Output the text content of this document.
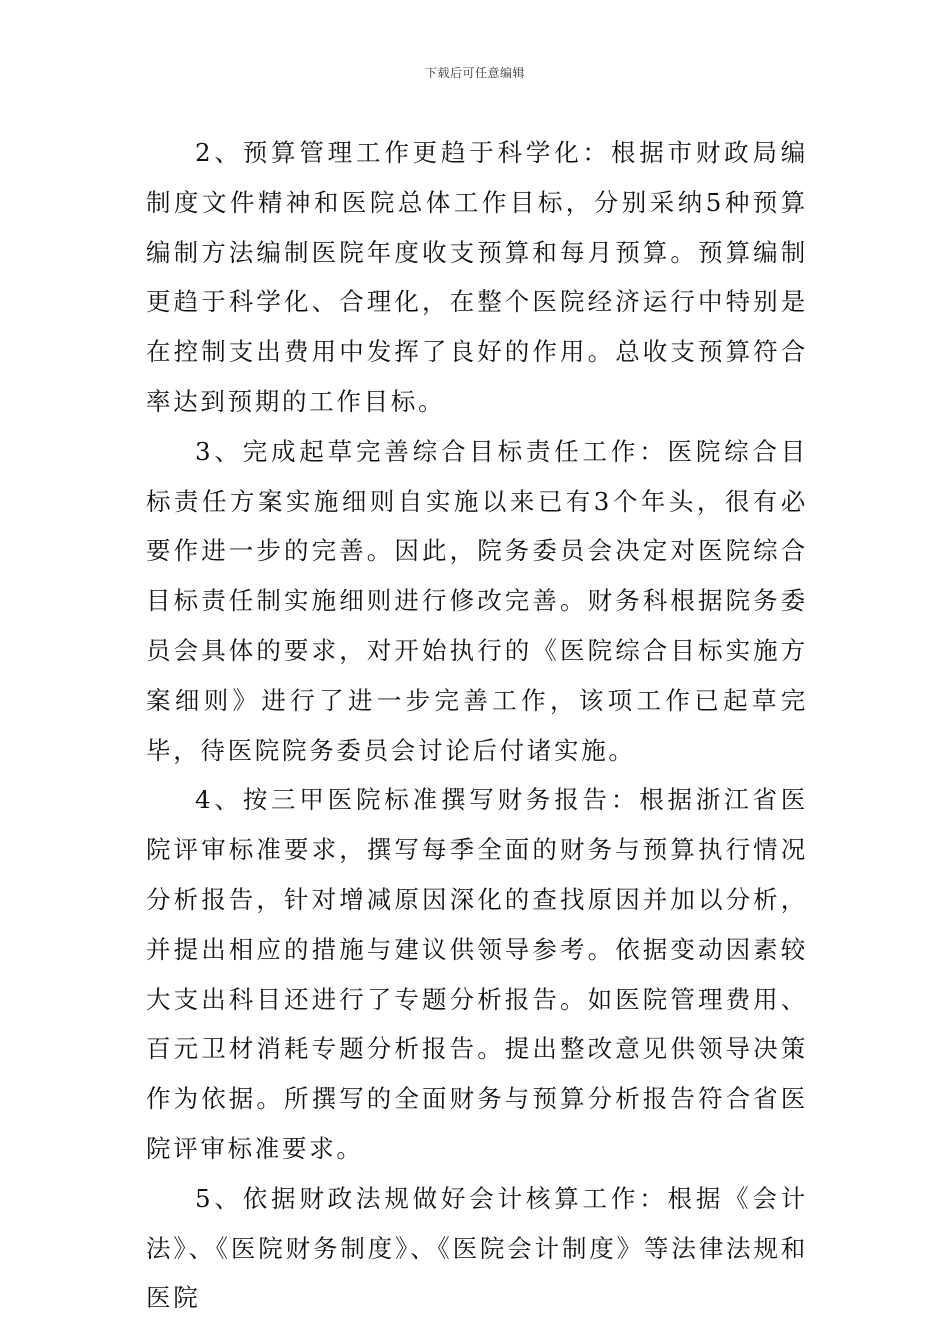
下载后可任意编辑

2、预算管理工作更趋于科学化：根据市财政局编制度文件精神和医院总体工作目标，分别采纳5种预算编制方法编制医院年度收支预算和每月预算。预算编制更趋于科学化、合理化，在整个医院经济运行中特别是在控制支出费用中发挥了良好的作用。总收支预算符合率达到预期的工作目标。

3、完成起草完善综合目标责任工作：医院综合目标责任方案实施细则自实施以来已有3个年头，很有必要作进一步的完善。因此，院务委员会决定对医院综合目标责任制实施细则进行修改完善。财务科根据院务委员会具体的要求，对开始执行的《医院综合目标实施方案细则》进行了进一步完善工作，该项工作已起草完毕，待医院院务委员会讨论后付诸实施。

4、按三甲医院标准撰写财务报告：根据浙江省医院评审标准要求，撰写每季全面的财务与预算执行情况分析报告，针对增减原因深化的查找原因并加以分析，并提出相应的措施与建议供领导参考。依据变动因素较大支出科目还进行了专题分析报告。如医院管理费用、百元卫材消耗专题分析报告。提出整改意见供领导决策作为依据。所撰写的全面财务与预算分析报告符合省医院评审标准要求。

5、依据财政法规做好会计核算工作：根据《会计法》、《医院财务制度》、《医院会计制度》等法律法规和医院
